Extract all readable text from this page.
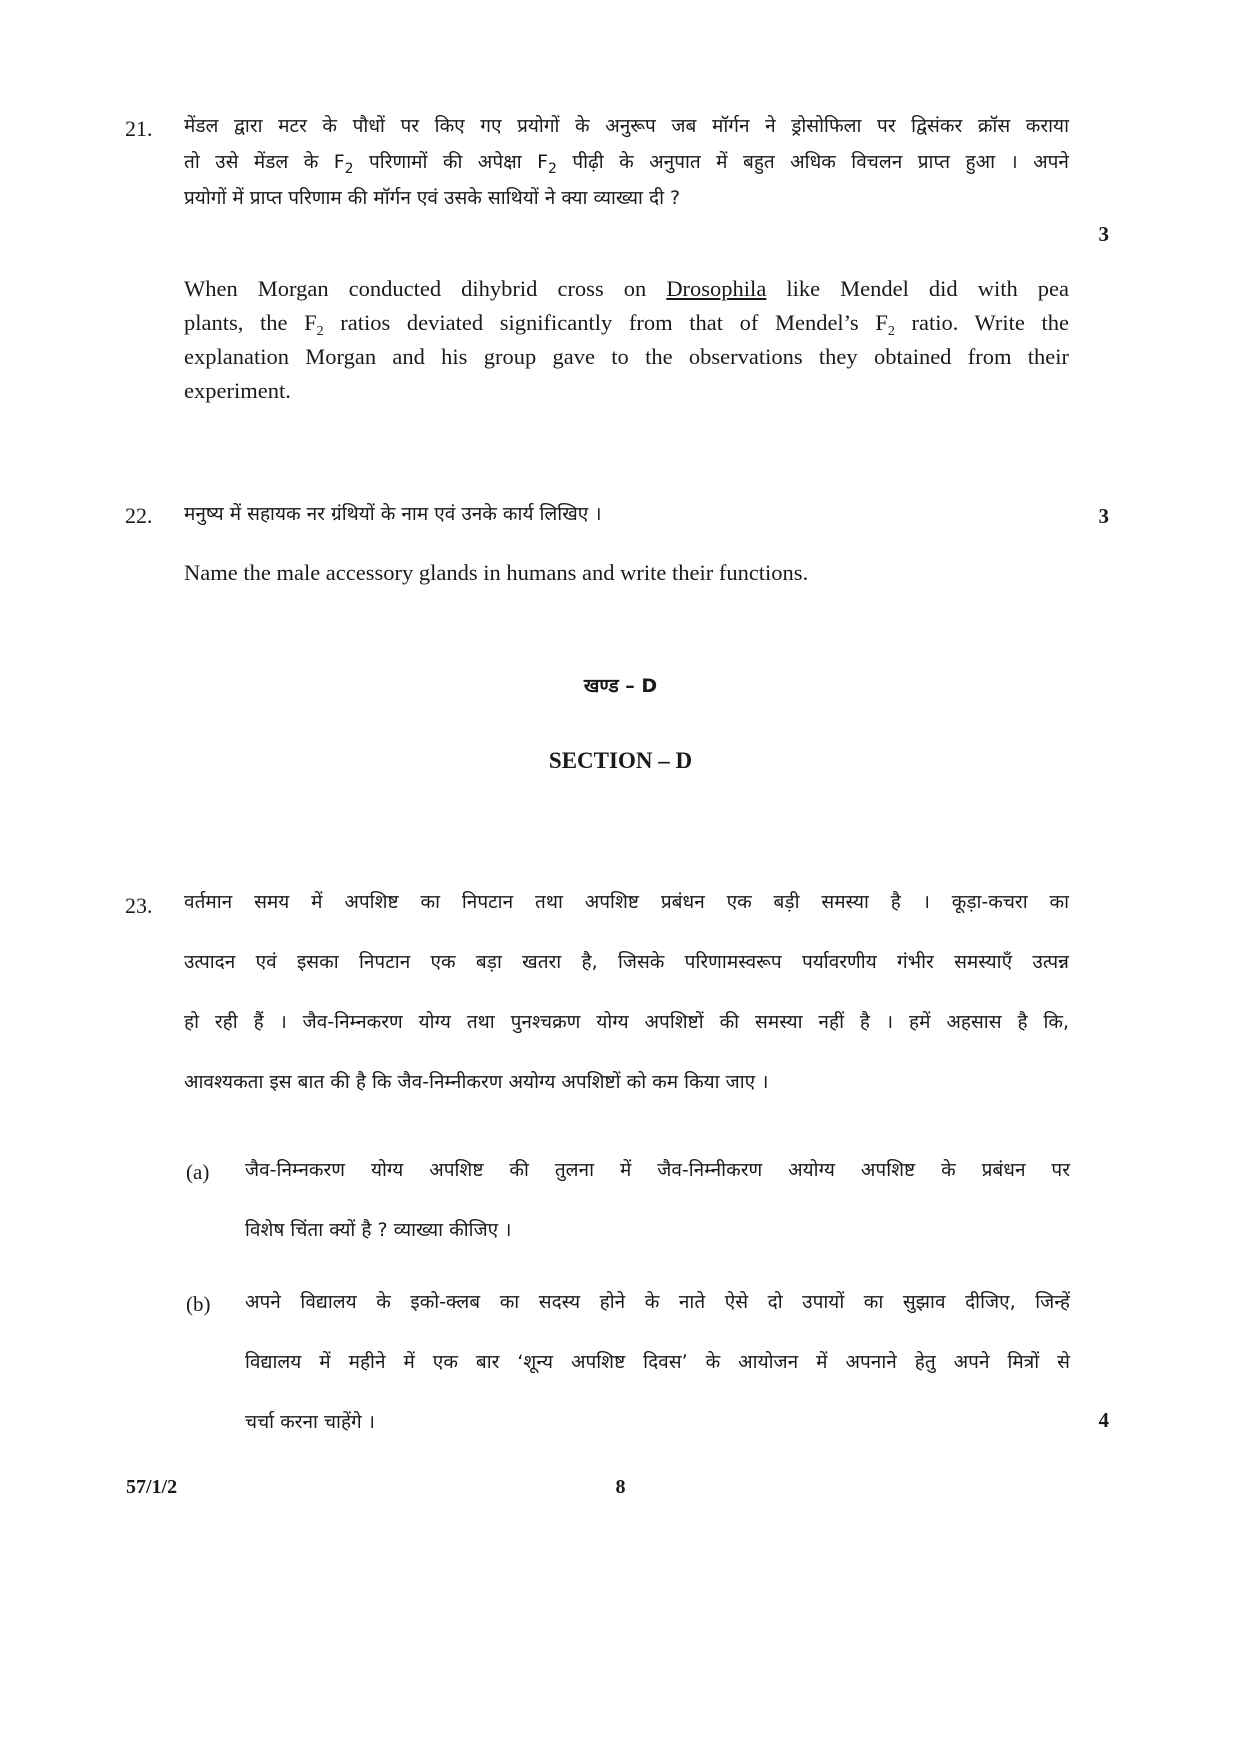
21. मेंडल द्वारा मटर के पौधों पर किए गए प्रयोगों के अनुरूप जब मॉर्गन ने ड्रोसोफिला पर द्विसंकर क्रॉस कराया
तो उसे मेंडल के $F_2$ परिणामों की अपेक्षा $F_2$ पीढ़ी के अनुपात में बहुत अधिक विचलन प्राप्त हुआ । अपने
प्रयोगों में प्राप्त परिणाम की मॉर्गन एवं उसके साथियों ने क्या व्याख्या दी ?
3
When Morgan conducted dihybrid cross on Drosophila like Mendel did with pea
plants, the $F_2$ ratios deviated significantly from that of Mendel’s $F_2$ ratio. Write the
explanation Morgan and his group gave to the observations they obtained from their
experiment.
22. मनुष्य में सहायक नर ग्रंथियों के नाम एवं उनके कार्य लिखिए ।	3
Name the male accessory glands in humans and write their functions.
खण्ड – D
SECTION – D
23. वर्तमान समय में अपशिष्ट का निपटान तथा अपशिष्ट प्रबंधन एक बड़ी समस्या है । कूड़ा-कचरा का
उत्पादन एवं इसका निपटान एक बड़ा खतरा है, जिसके परिणामस्वरूप पर्यावरणीय गंभीर समस्याएँ उत्पन्न
हो रही हैं । जैव-निम्नकरण योग्य तथा पुनश्चक्रण योग्य अपशिष्टों की समस्या नहीं है । हमें अहसास है कि,
आवश्यकता इस बात की है कि जैव-निम्नीकरण अयोग्य अपशिष्टों को कम किया जाए ।
(a) जैव-निम्नकरण योग्य अपशिष्ट की तुलना में जैव-निम्नीकरण अयोग्य अपशिष्ट के प्रबंधन पर
विशेष चिंता क्यों है ? व्याख्या कीजिए ।
(b) अपने विद्यालय के इको-क्लब का सदस्य होने के नाते ऐसे दो उपायों का सुझाव दीजिए, जिन्हें
विद्यालय में महीने में एक बार ‘शून्य अपशिष्ट दिवस’ के आयोजन में अपनाने हेतु अपने मित्रों से
चर्चा करना चाहेंगे ।	4
57/1/2	8
